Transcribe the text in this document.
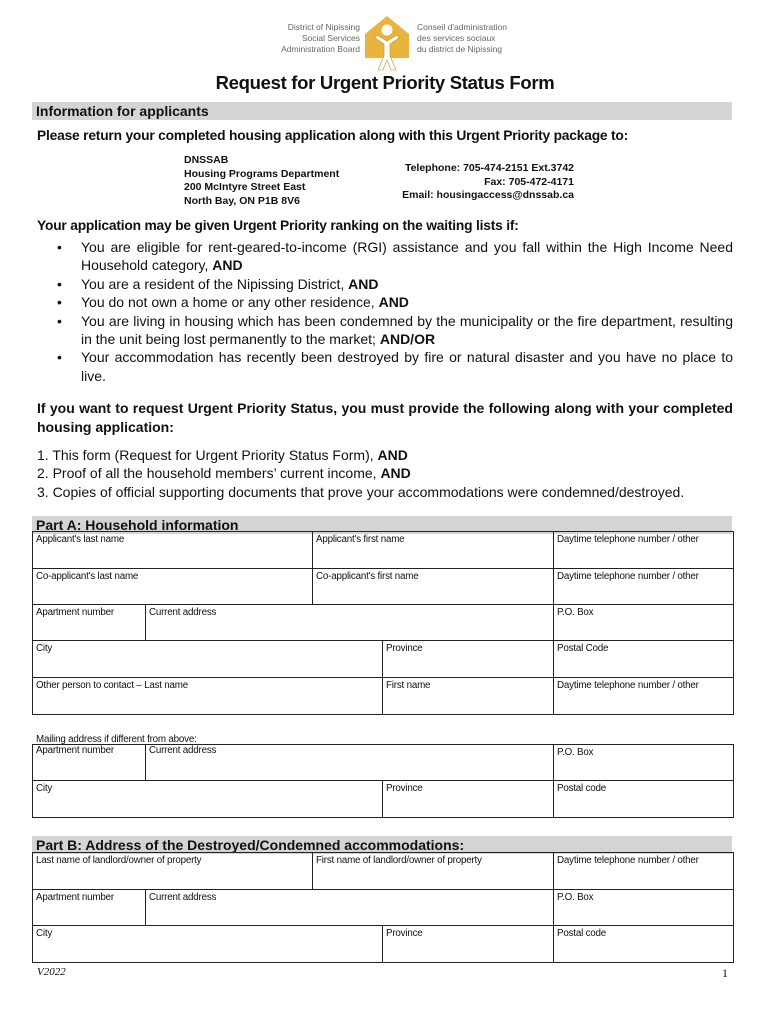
District of Nipissing
Social Services
Administration Board
Conseil d'administration
des services sociaux
du district de Nipissing
Request for Urgent Priority Status Form
Information for applicants
Please return your completed housing application along with this Urgent Priority package to:
DNSSAB
Housing Programs Department
200 McIntyre Street East
North Bay, ON P1B 8V6
Telephone: 705-474-2151 Ext.3742
Fax: 705-472-4171
Email: housingaccess@dnssab.ca
Your application may be given Urgent Priority ranking on the waiting lists if:
• You are eligible for rent-geared-to-income (RGI) assistance and you fall within the High Income Need Household category, AND
• You are a resident of the Nipissing District, AND
• You do not own a home or any other residence, AND
• You are living in housing which has been condemned by the municipality or the fire department, resulting in the unit being lost permanently to the market; AND/OR
• Your accommodation has recently been destroyed by fire or natural disaster and you have no place to live.
If you want to request Urgent Priority Status, you must provide the following along with your completed housing application:
1. This form (Request for Urgent Priority Status Form), AND
2. Proof of all the household members’ current income, AND
3. Copies of official supporting documents that prove your accommodations were condemned/destroyed.
Part A: Household information
Applicant's last name		Applicant's first name		Daytime telephone number / other
Co-applicant's last name		Co-applicant's first name		Daytime telephone number / other
Apartment number	Current address			P.O. Box
City			Province	Postal Code
Other person to contact – Last name			First name	Daytime telephone number / other
Mailing address if different from above:
Apartment number	Current address		P.O. Box
City		Province	Postal code
Part B: Address of the Destroyed/Condemned accommodations:
Last name of landlord/owner of property		First name of landlord/owner of property		Daytime telephone number / other
Apartment number	Current address			P.O. Box
City			Province	Postal code
V2022	1
